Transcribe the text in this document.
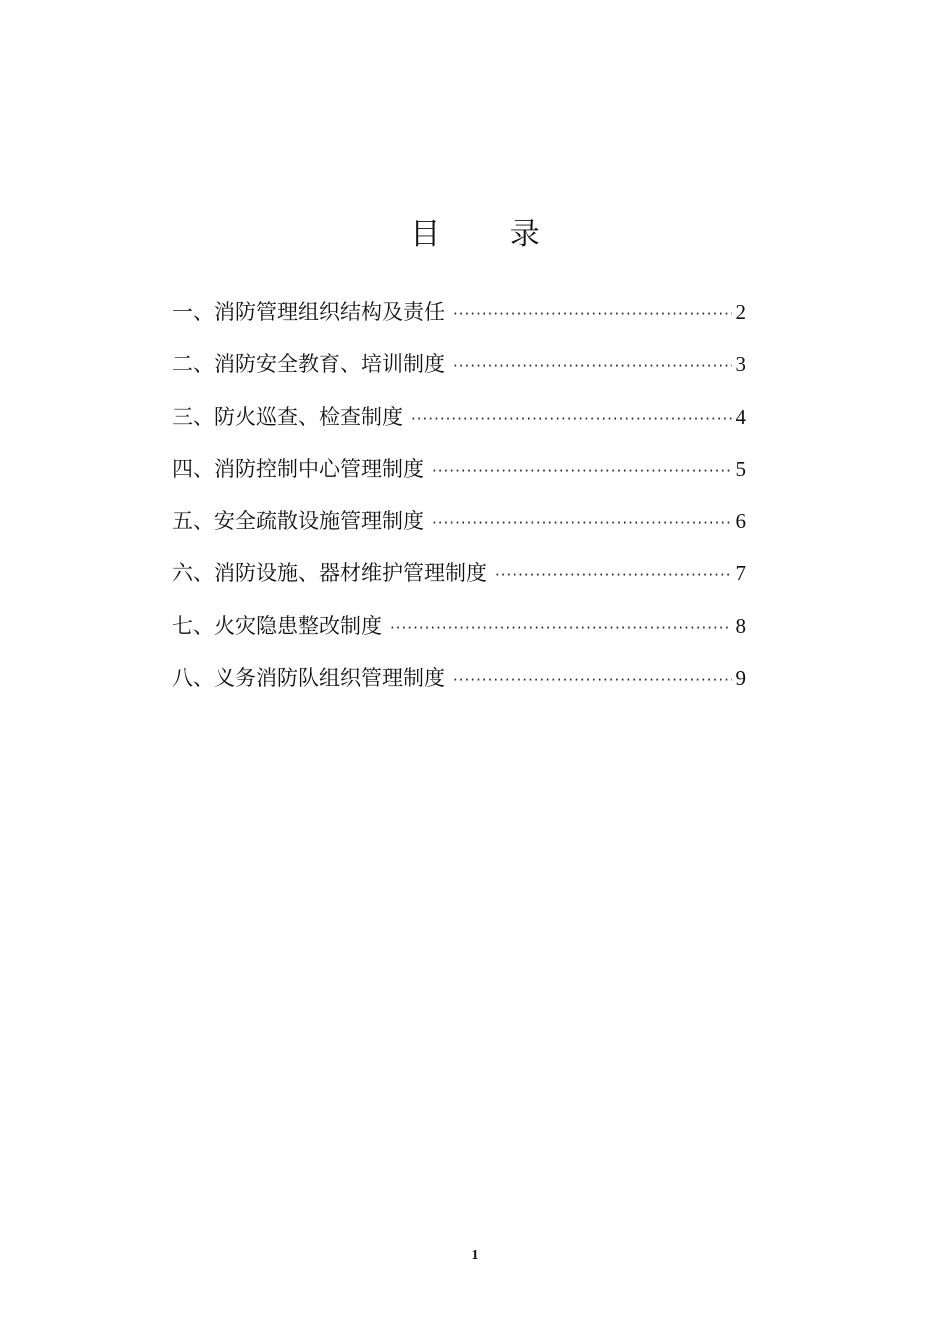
目 录
一、消防管理组织结构及责任 ·····	2
二、消防安全教育、培训制度 ·····	3
三、防火巡查、检查制度 ·····	4
四、消防控制中心管理制度 ·····	5
五、安全疏散设施管理制度 ·····	6
六、消防设施、器材维护管理制度 ·····	7
七、火灾隐患整改制度 ·····	8
八、义务消防队组织管理制度 ·····	9
1
